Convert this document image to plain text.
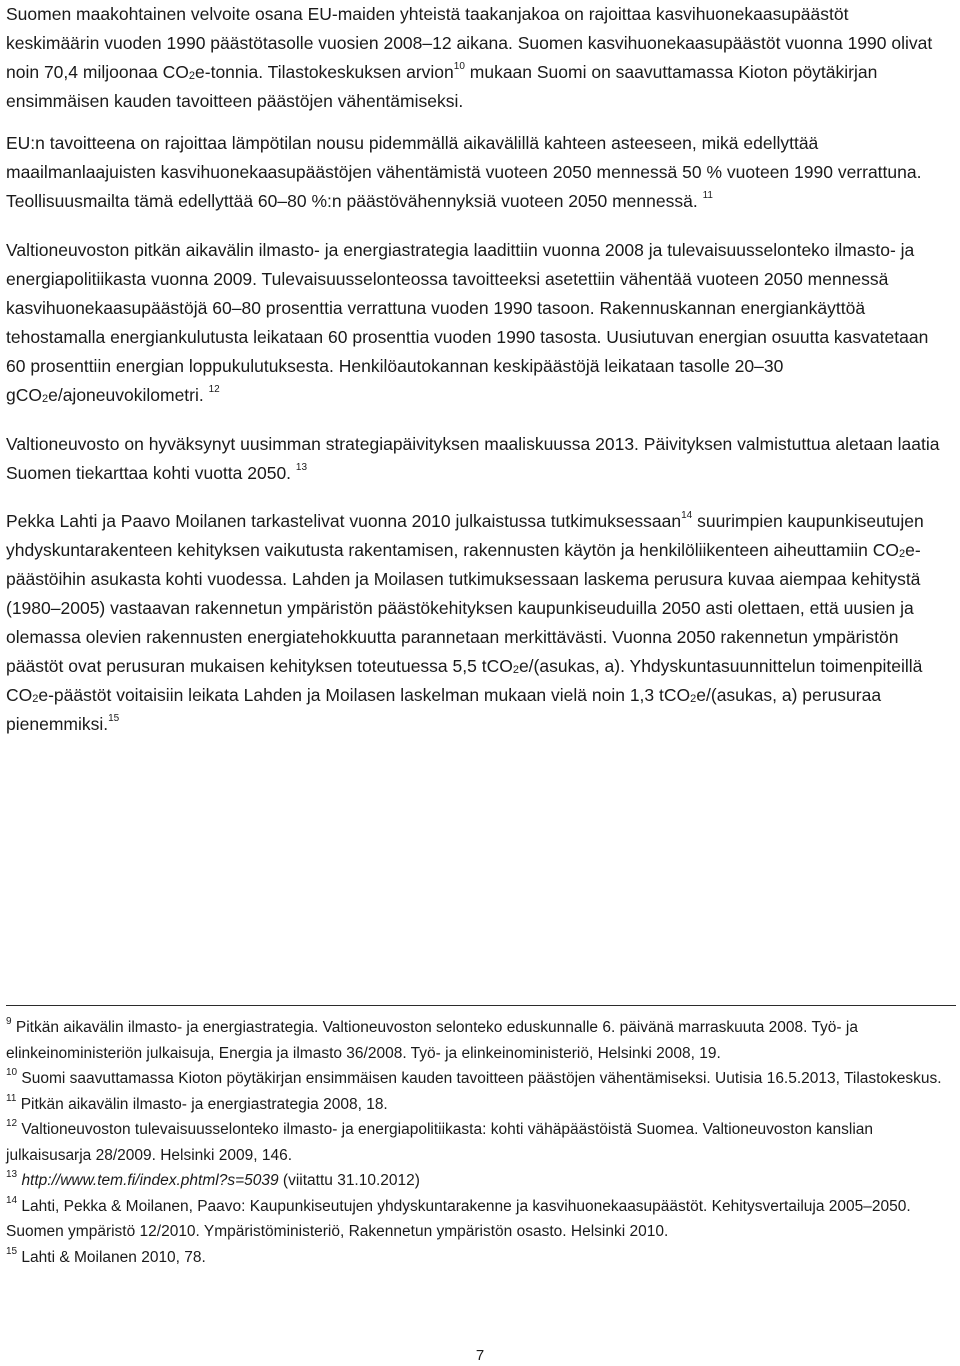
Suomen maakohtainen velvoite osana EU-maiden yhteistä taakanjakoa on rajoittaa kasvihuonekaasupäästöt keskimäärin vuoden 1990 päästötasolle vuosien 2008–12 aikana. Suomen kasvihuonekaasupäästöt vuonna 1990 olivat noin 70,4 miljoonaa $CO_2e$-tonnia. Tilastokeskuksen arvion$^{10}$ mukaan Suomi on saavuttamassa Kioton pöytäkirjan ensimmäisen kauden tavoitteen päästöjen vähentämiseksi.

EU:n tavoitteena on rajoittaa lämpötilan nousu pidemmällä aikavälillä kahteen asteeseen, mikä edellyttää maailmanlaajuisten kasvihuonekaasupäästöjen vähentämistä vuoteen 2050 mennessä 50 % vuoteen 1990 verrattuna. Teollisuusmailta tämä edellyttää 60–80 %:n päästövähennyksiä vuoteen 2050 mennessä. $^{11}$

Valtioneuvoston pitkän aikavälin ilmasto- ja energiastrategia laadittiin vuonna 2008 ja tulevaisuusselonteko ilmasto- ja energiapolitiikasta vuonna 2009. Tulevaisuusselonteossa tavoitteeksi asetettiin vähentää vuoteen 2050 mennessä kasvihuonekaasupäästöjä 60–80 prosenttia verrattuna vuoden 1990 tasoon. Rakennuskannan energiankäyttöä tehostamalla energiankulutusta leikataan 60 prosenttia vuoden 1990 tasosta. Uusiutuvan energian osuutta kasvatetaan 60 prosenttiin energian loppukulutuksesta. Henkilöautokannan keskipäästöjä leikataan tasolle 20–30 gCO$_2$e/ajoneuvokilometri. $^{12}$

Valtioneuvosto on hyväksynyt uusimman strategiapäivityksen maaliskuussa 2013. Päivityksen valmistuttua aletaan laatia Suomen tiekarttaa kohti vuotta 2050. $^{13}$

Pekka Lahti ja Paavo Moilanen tarkastelivat vuonna 2010 julkaistussa tutkimuksessaan$^{14}$ suurimpien kaupunkiseutujen yhdyskuntarakenteen kehityksen vaikutusta rakentamisen, rakennusten käytön ja henkilöliikenteen aiheuttamiin $CO_2e$-päästöihin asukasta kohti vuodessa. Lahden ja Moilasen tutkimuksessaan laskema perusura kuvaa aiempaa kehitystä (1980–2005) vastaavan rakennetun ympäristön päästökehityksen kaupunkiseuduilla 2050 asti olettaen, että uusien ja olemassa olevien rakennusten energiatehokkuutta parannetaan merkittävästi. Vuonna 2050 rakennetun ympäristön päästöt ovat perusuran mukaisen kehityksen toteutuessa 5,5 tCO$_2$e/(asukas, a). Yhdyskuntasuunnittelun toimenpiteillä $CO_2e$-päästöt voitaisiin leikata Lahden ja Moilasen laskelman mukaan vielä noin 1,3 tCO$_2$e/(asukas, a) perusuraa pienemmiksi.$^{15}$

$^9$ Pitkän aikavälin ilmasto- ja energiastrategia. Valtioneuvoston selonteko eduskunnalle 6. päivänä marraskuuta 2008. Työ- ja elinkeinoministeriön julkaisuja, Energia ja ilmasto 36/2008. Työ- ja elinkeinoministeriö, Helsinki 2008, 19.

$^{10}$ Suomi saavuttamassa Kioton pöytäkirjan ensimmäisen kauden tavoitteen päästöjen vähentämiseksi. Uutisia 16.5.2013, Tilastokeskus.

$^{11}$ Pitkän aikavälin ilmasto- ja energiastrategia 2008, 18.

$^{12}$ Valtioneuvoston tulevaisuusselonteko ilmasto- ja energiapolitiikasta: kohti vähäpäästöistä Suomea. Valtioneuvoston kanslian julkaisusarja 28/2009. Helsinki 2009, 146.

$^{13}$ http://www.tem.fi/index.phtml?s=5039 (viitattu 31.10.2012)

$^{14}$ Lahti, Pekka & Moilanen, Paavo: Kaupunkiseutujen yhdyskuntarakenne ja kasvihuonekaasupäästöt. Kehitysvertailuja 2005–2050. Suomen ympäristö 12/2010. Ympäristöministeriö, Rakennetun ympäristön osasto. Helsinki 2010.

$^{15}$ Lahti & Moilanen 2010, 78.

7
